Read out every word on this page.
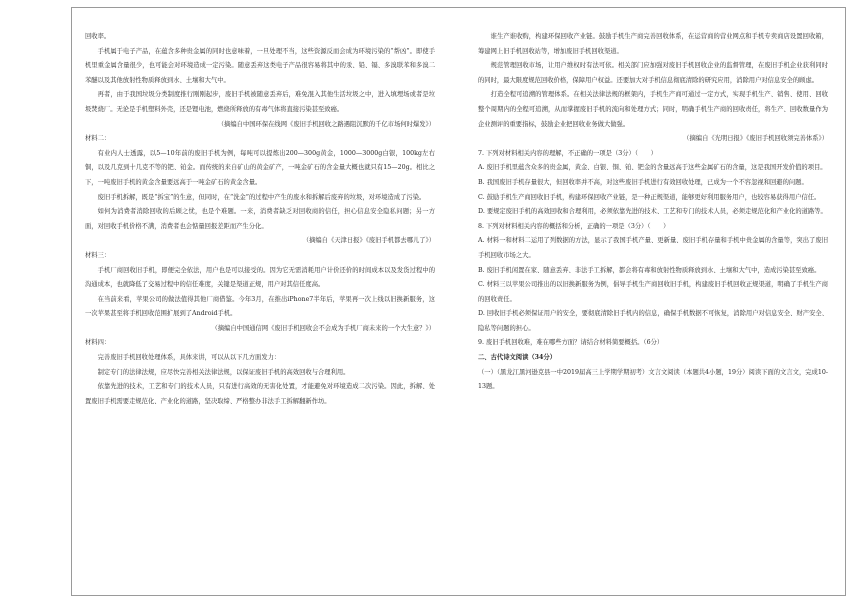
回收率。

手机属于电子产品，在蕴含多种贵金属的同时也意味着，一旦处理不当，这些资源反而会成为环境污染的“帮凶”。即使手机里重金属含量很少，也可能会对环境造成一定污染。随意丢弃这类电子产品很容易将其中的汞、铅、镉、多溴联苯和多溴二苯醚以及其他放射性物质释放到水、土壤和大气中。

再者，由于我国垃圾分类制度推行刚刚起步，废旧手机被随意丢弃后，难免混入其他生活垃圾之中，进入填埋场或者是垃圾焚烧厂。无论是手机塑料外壳，还是锂电池，燃烧所释放的有毒气体将直接污染甚至致癌。

（摘编自中国环保在线网《废旧手机回收之路遇阻沉默的千亿市场何时爆发》）

材料二：

有业内人士透露，以5—10年前的废旧手机为例，每吨可以提炼出200—300g黄金，1000—3000g白银，100kg左右铜，以及几克到十几克不等的钯、铂金。而传统的来自矿山的黄金矿产，一吨金矿石的含金量大概也就只有15—20g。相比之下，一吨废旧手机的黄金含量要远高于一吨金矿石的黄金含量。

废旧手机拆解，既是“拆宝”的生意，但同时，在“洗金”的过程中产生的废水和拆解后废弃的垃圾，对环境造成了污染。

如何为消费者消除回收的后顾之忧，也是个难题。一来，消费者缺乏对回收商的信任，担心信息安全隐私问题；另一方面，对回收手机价格不满，消费者也会惦量回报差距而产生分化。

（摘编自《天津日报》《废旧手机都去哪儿了》）

材料三：

手机厂商回收旧手机，即便完全依法，用户也是可以接受的。因为它无需消耗用户计价还价的时间成本以及发货过程中的沟通成本，也就降低了交易过程中的信任难度，关键是渠道正规，用户对其信任度高。

在当前来看，苹果公司的做法值得其他厂商借鉴。今年3月，在推出iPhone7半年后，苹果再一次上线以旧换新服务，这一次苹果甚至将手机回收范围扩展到了Android手机。

（摘编自中国通信网《废旧手机回收会不会成为手机厂商未来的一个大生意？》）

材料四：

完善废旧手机回收处理体系，具体来讲，可以从以下几方面发力：

制定专门的法律法规，应尽快完善相关法律法规，以保证废旧手机的高效回收与合理利用。

依靠先进的技术，工艺和专门的技术人员，只有进行高效的无害化处置，才能避免对环境造成二次污染。因此，拆解、处置废旧手机需要走规范化、产业化的道路，坚决取缔、严格整办非法手工拆解翻新作坊。

谁生产谁收购，构建环保回收产业链。鼓励手机生产商完善回收体系，在运营商的营业网点和手机专卖商店设置回收箱，筹建网上旧手机回收站等，增加废旧手机回收渠道。

规范管理回收市场，让用户维权时有法可依。相关部门应加强对废旧手机回收企业的监督管理，在废旧手机企业获利同时的同时，最大限度规范回收价格，保障用户权益。还要加大对手机信息彻底清除的研究应用，消除用户对信息安全的顾虑。

打造全程可追溯的管理体系。在相关法律法规的框架内，手机生产商可通过一定方式，实现手机生产、销售、使用、回收整个周期内的全程可追溯，从而掌握废旧手机的流向和处理方式；同时，明确手机生产商的回收责任，将生产、回收数量作为企业测评的重要指标，鼓励企业把回收业务做大做强。

（摘编自《光明日报》《废旧手机回收须完善体系》）

7. 下列对材料相关内容的理解，不正确的一项是（3分）（　　）

A. 废旧手机里蕴含众多的贵金属，黄金、白银、铜、铂、钯金的含量远高于这些金属矿石的含量，这是我国开发价值的项目。

B. 我国废旧手机存量很大，但回收率并不高，对这些废旧手机进行有效回收处理，已成为一个不容忽视和回避的问题。

C. 鼓励手机生产商回收旧手机，构建环保回收产业链，是一种正规渠道，能够更好利用服务用户，也较容易获得用户信任。

D. 要规定废旧手机的高效回收和合理利用，必须依靠先进的技术、工艺和专门的技术人员，必须走规范化和产业化的道路等。

8. 下列对材料相关内容的概括和分析，正确的一项是（3分）（　　）

A. 材料一和材料二运用了列数据的方法，显示了我国手机产量、更新量、废旧手机存量和手机中贵金属的含量等，突出了废旧手机回收市场之大。

B. 废旧手机闲置在家、随意丢弃、非法手工拆解，都会将有毒和放射性物质释放到水、土壤和大气中，造成污染甚至致癌。

C. 材料三以苹果公司推出的以旧换新服务为例，倡导手机生产商回收旧手机，构建废旧手机回收正规渠道，明确了手机生产商的回收责任。

D. 回收旧手机必须保证用户的安全，要彻底清除旧手机内的信息，确保手机数据不可恢复，消除用户对信息安全、财产安全、隐私等问题的担心。

9. 废旧手机回收难，难在哪些方面？请结合材料简要概括。（6分）

二、古代诗文阅读（34分）

（一）（黑龙江黑河逊克县一中2019届高三上学期学期初考）文言文阅读（本题共4小题，19分）阅读下面的文言文，完成10-13题。
